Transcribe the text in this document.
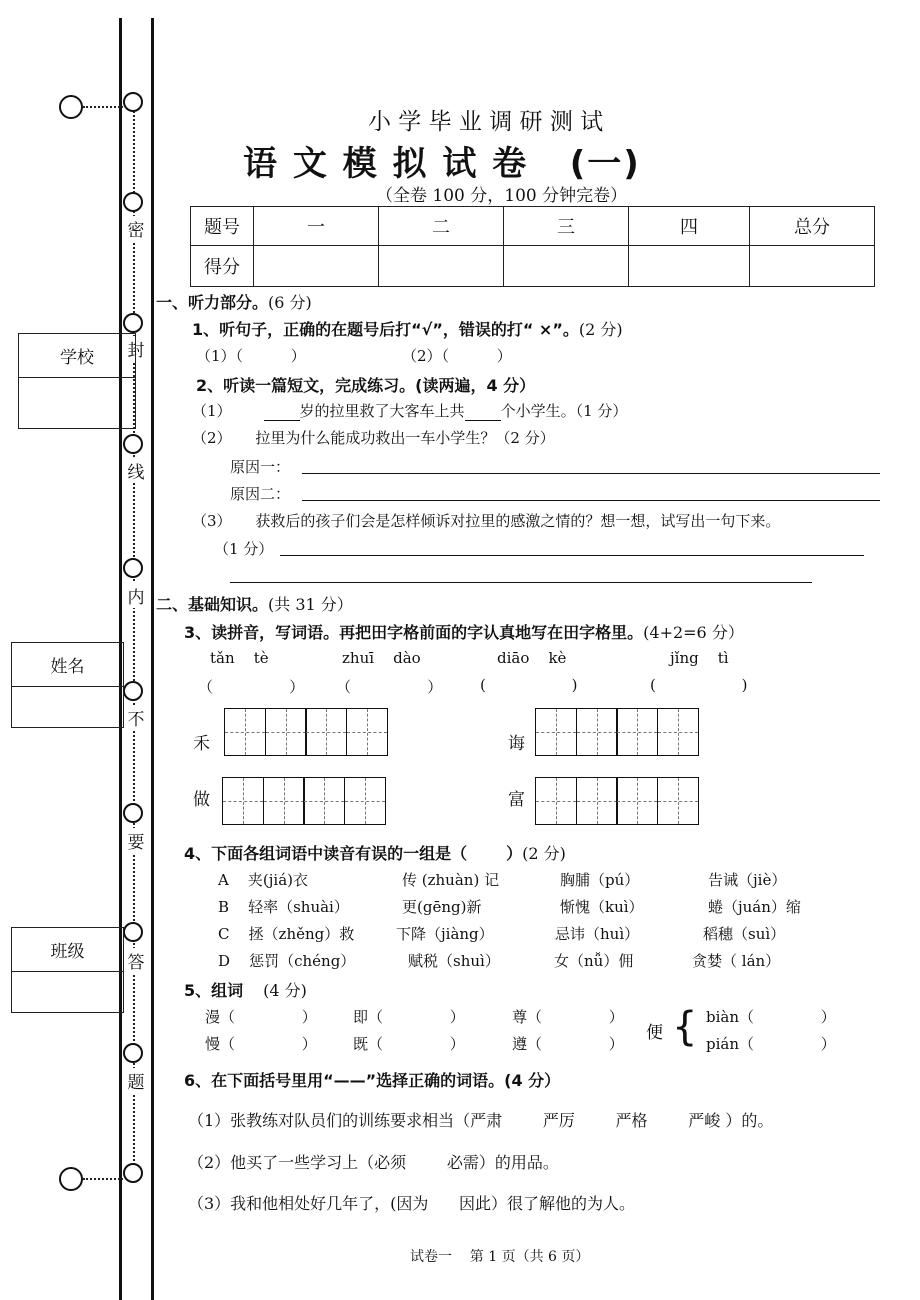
密
封
线
内
不
要
答
题
学校
姓名
班级
小 学 毕 业 调 研 测 试
语 文 模 拟 试 卷   (一)
（全卷 100 分，100 分钟完卷）
题号	一	二	三	四	总分
得分					
一、听力部分。(6 分)
1、听句子，正确的在题号后打“√”，错误的打“ ×”。(2 分)
（1）（          ）	（2）（          ）
2、听读一篇短文，完成练习。(读两遍，4 分）
（1）	岁的拉里救了大客车上共 个小学生。（1 分）
（2）     拉里为什么能成功救出一车小学生？（2 分）
原因一：
原因二：
（3）     获救后的孩子们会是怎样倾诉对拉里的感激之情的？想一想，试写出一句下来。
（1 分）
二、基础知识。(共 31 分）
3、读拼音，写词语。再把田字格前面的字认真地写在田字格里。(4+2=6 分）
tǎn    tè	zhuī    dào	diāo    kè	jǐng    tì
（                ） （                ）	(                  )	(                  )
禾	诲
做	富
4、下面各组词语中读音有误的一组是（       ）(2 分)
A    夹(jiá)衣	传 (zhuàn) 记	胸脯（pú）	告诫（jiè）
B    轻率（shuài）	更(gēng)新	惭愧（kuì）	蜷（juán）缩
C    拯（zhěng）救	下降（jiàng）	忌讳（huì）	稻穗（suì）
D    惩罚（chéng）	赋税（shuì）	女（nǚ）佣	贪婪（ lán）
5、组词 (4 分)
漫（              ） 即（              ）	尊（              ）
慢（              ） 既（              ）	遵（              ）
便 { biàn（              ）
pián（              ）
6、在下面括号里用“——”选择正确的词语。(4 分）
（1）张教练对队员们的训练要求相当（严肃        严厉        严格        严峻 ）的。
（2）他买了一些学习上（必须        必需）的用品。
（3）我和他相处好几年了，(因为      因此）很了解他的为人。
试卷一    第 1 页（共 6 页）
